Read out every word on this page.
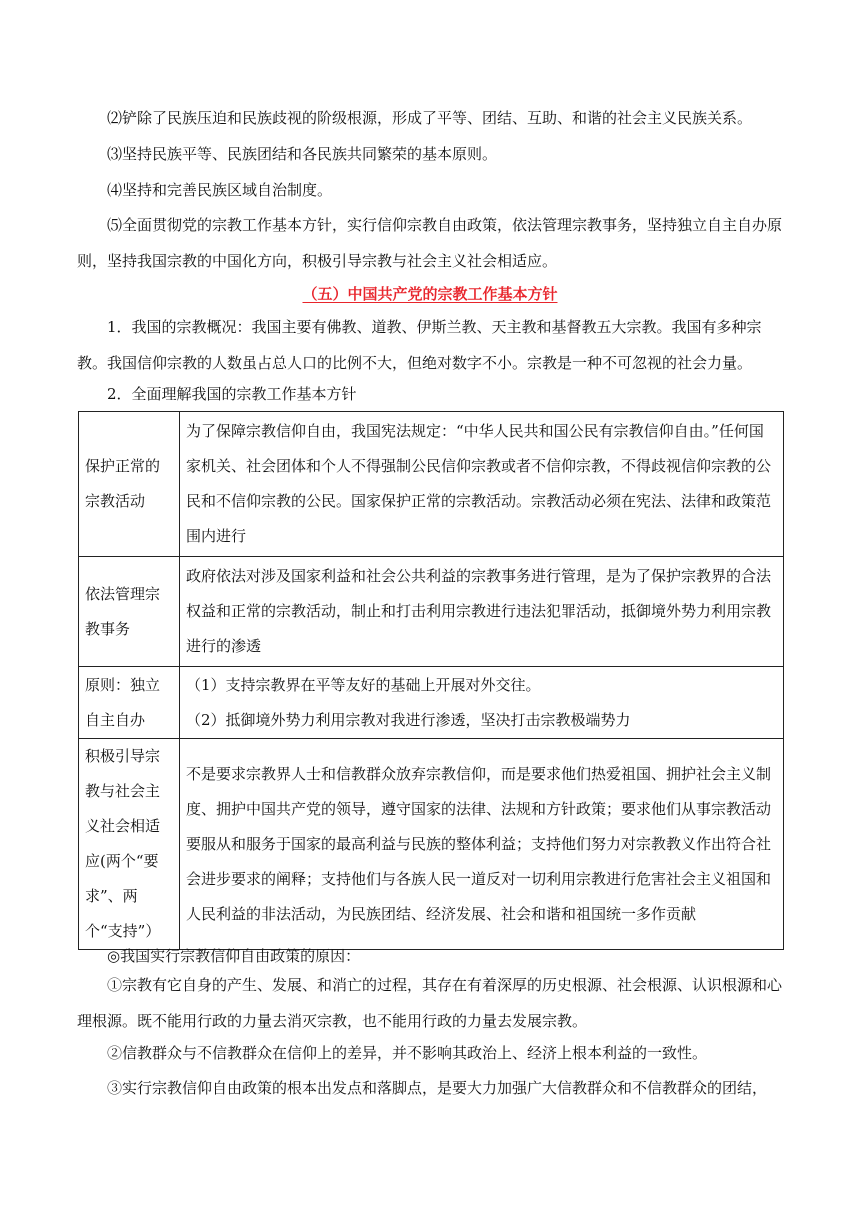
⑵铲除了民族压迫和民族歧视的阶级根源，形成了平等、团结、互助、和谐的社会主义民族关系。

⑶坚持民族平等、民族团结和各民族共同繁荣的基本原则。

⑷坚持和完善民族区域自治制度。

⑸全面贯彻党的宗教工作基本方针，实行信仰宗教自由政策，依法管理宗教事务，坚持独立自主自办原则，坚持我国宗教的中国化方向，积极引导宗教与社会主义社会相适应。

（五）中国共产党的宗教工作基本方针

1．我国的宗教概况：我国主要有佛教、道教、伊斯兰教、天主教和基督教五大宗教。我国有多种宗教。我国信仰宗教的人数虽占总人口的比例不大，但绝对数字不小。宗教是一种不可忽视的社会力量。

2．全面理解我国的宗教工作基本方针

保护正常的宗教活动	为了保障宗教信仰自由，我国宪法规定：“中华人民共和国公民有宗教信仰自由。”任何国家机关、社会团体和个人不得强制公民信仰宗教或者不信仰宗教，不得歧视信仰宗教的公民和不信仰宗教的公民。国家保护正常的宗教活动。宗教活动必须在宪法、法律和政策范围内进行
依法管理宗教事务	政府依法对涉及国家利益和社会公共利益的宗教事务进行管理，是为了保护宗教界的合法权益和正常的宗教活动，制止和打击利用宗教进行违法犯罪活动，抵御境外势力利用宗教进行的渗透
原则：独立自主自办	（1）支持宗教界在平等友好的基础上开展对外交往。
（2）抵御境外势力利用宗教对我进行渗透，坚决打击宗教极端势力

积极引导宗教与社会主义社会相适应(两个“要求”、两个“支持”）	不是要求宗教界人士和信教群众放弃宗教信仰，而是要求他们热爱祖国、拥护社会主义制度、拥护中国共产党的领导，遵守国家的法律、法规和方针政策；要求他们从事宗教活动要服从和服务于国家的最高利益与民族的整体利益；支持他们努力对宗教教义作出符合社会进步要求的阐释；支持他们与各族人民一道反对一切利用宗教进行危害社会主义祖国和人民利益的非法活动，为民族团结、经济发展、社会和谐和祖国统一多作贡献

◎我国实行宗教信仰自由政策的原因：

①宗教有它自身的产生、发展、和消亡的过程，其存在有着深厚的历史根源、社会根源、认识根源和心理根源。既不能用行政的力量去消灭宗教，也不能用行政的力量去发展宗教。

②信教群众与不信教群众在信仰上的差异，并不影响其政治上、经济上根本利益的一致性。

③实行宗教信仰自由政策的根本出发点和落脚点，是要大力加强广大信教群众和不信教群众的团结，
